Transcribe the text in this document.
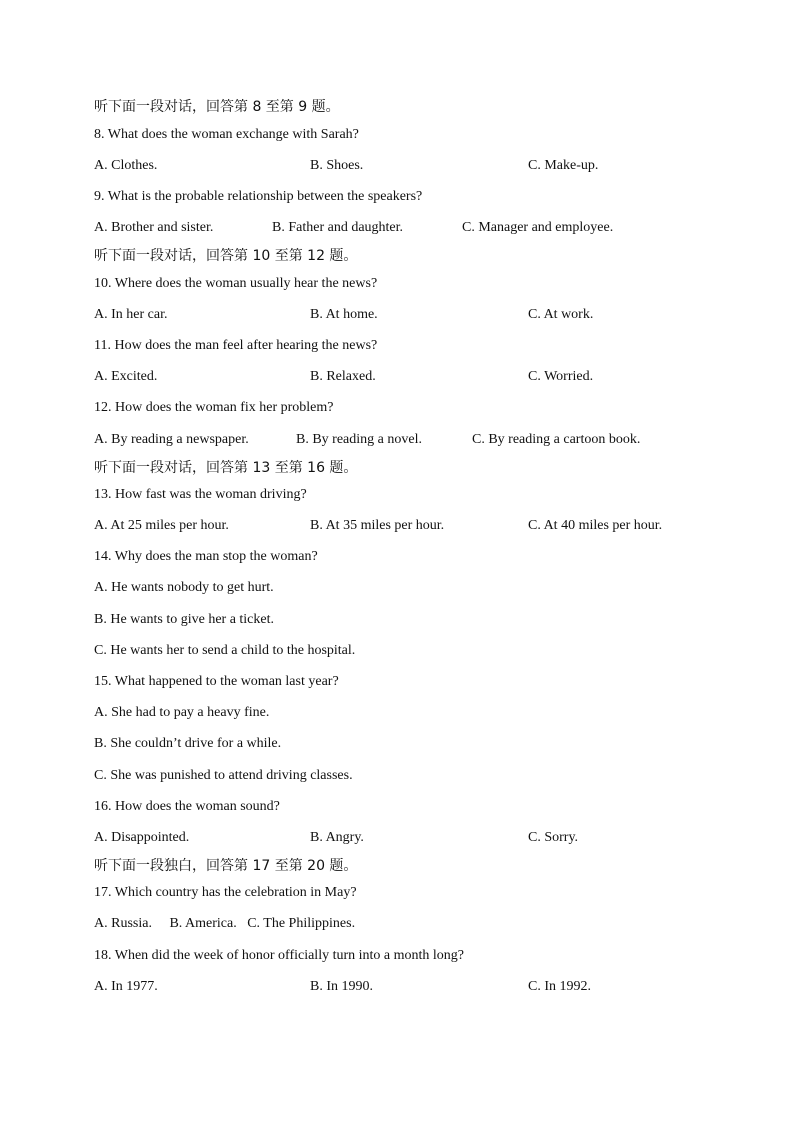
听下面一段对话，回答第 8 至第 9 题。
8. What does the woman exchange with Sarah?
A. Clothes.	B. Shoes.	C. Make-up.
9. What is the probable relationship between the speakers?
A. Brother and sister.	B. Father and daughter.	C. Manager and employee.
听下面一段对话，回答第 10 至第 12 题。
10. Where does the woman usually hear the news?
A. In her car.	B. At home.	C. At work.
11. How does the man feel after hearing the news?
A. Excited.	B. Relaxed.	C. Worried.
12. How does the woman fix her problem?
A. By reading a newspaper.	B. By reading a novel.	C. By reading a cartoon book.
听下面一段对话，回答第 13 至第 16 题。
13. How fast was the woman driving?
A. At 25 miles per hour.	B. At 35 miles per hour.	C. At 40 miles per hour.
14. Why does the man stop the woman?
A. He wants nobody to get hurt.
B. He wants to give her a ticket.
C. He wants her to send a child to the hospital.
15. What happened to the woman last year?
A. She had to pay a heavy fine.
B. She couldn’t drive for a while.
C. She was punished to attend driving classes.
16. How does the woman sound?
A. Disappointed.	B. Angry.	C. Sorry.
听下面一段独白，回答第 17 至第 20 题。
17. Which country has the celebration in May?
A. Russia.     B. America.   C. The Philippines.
18. When did the week of honor officially turn into a month long?
A. In 1977.	B. In 1990.	C. In 1992.
